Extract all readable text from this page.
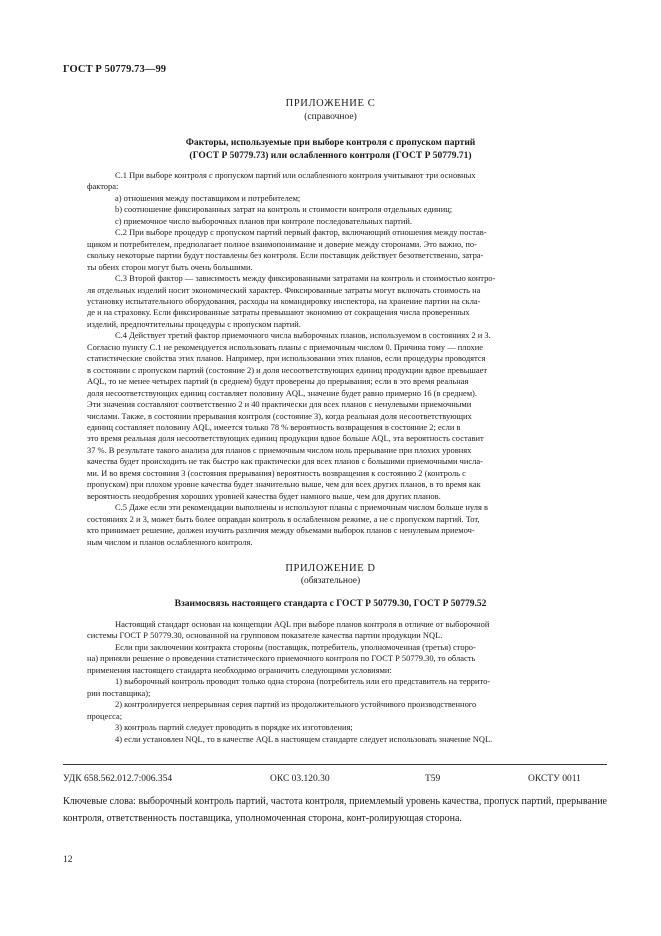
ГОСТ Р 50779.73—99
ПРИЛОЖЕНИЕ С
(справочное)
Факторы, используемые при выборе контроля с пропуском партий
(ГОСТ Р 50779.73) или ослабленного контроля (ГОСТ Р 50779.71)

C.1 При выборе контроля с пропуском партий или ослабленного контроля учитывают три основных
фактора:

a) отношения между поставщиком и потребителем;

b) соотношение фиксированных затрат на контроль и стоимости контроля отдельных единиц;

c) приемочное число выборочных планов при контроле последовательных партий.

C.2 При выборе процедур с пропуском партий первый фактор, включающий отношения между постав-
щиком и потребителем, предполагает полное взаимопонимание и доверие между сторонами. Это важно, по-
скольку некоторые партии будут поставлены без контроля. Если поставщик действует безответственно, затра-
ты обеих сторон могут быть очень большими.

C.3 Второй фактор — зависимость между фиксированными затратами на контроль и стоимостью контро-
ля отдельных изделий носит экономический характер. Фиксированные затраты могут включать стоимость на
установку испытательного оборудования, расходы на командировку инспектора, на хранение партии на скла-
де и на страховку. Если фиксированные затраты превышают экономию от сокращения числа проверенных
изделий, предпочтительны процедуры с пропуском партий.

C.4 Действует третий фактор приемочного числа выборочных планов, используемом в состояниях 2 и 3.
Согласно пункту C.1 не рекомендуется использовать планы с приемочным числом 0. Причина тому — плохие
статистические свойства этих планов. Например, при использовании этих планов, если процедуры проводятся
в состоянии с пропуском партий (состояние 2) и доля несоответствующих единиц продукции вдвое превышает
AQL, то не менее четырех партий (в среднем) будут проверены до прерывания; если в это время реальная
доля несоответствующих единиц составляет половину AQL, значение будет равно примерно 16 (в среднем).
Эти значения составляют соответственно 2 и 40 практически для всех планов с ненулевыми приемочными
числами. Также, в состоянии прерывания контроля (состояние 3), когда реальная доля несоответствующих
единиц составляет половину AQL, имеется только 78 % вероятность возвращения в состояние 2; если в
это время реальная доля несоответствующих единиц продукции вдвое больше AQL, эта вероятность составит
37 %. В результате такого анализа для планов с приемочным числом ноль прерывание при плохих уровнях
качества будет происходить не так быстро как практически для всех планов с большими приемочными числа-
ми. И во время состояния 3 (состояния прерывания) вероятность возвращения к состоянию 2 (контроль с
пропуском) при плохом уровне качества будет значительно выше, чем для всех других планов, в то время как
вероятность неодобрения хороших уровней качества будет намного выше, чем для других планов.

C.5 Даже если эти рекомендации выполнены и используют планы с приемочным числом больше нуля в
состояниях 2 и 3, может быть более оправдан контроль в ослабленном режиме, а не с пропуском партий. Тот,
кто принимает решение, должен изучить различия между объемами выборок планов с ненулевым приемоч-
ным числом и планов ослабленного контроля.

ПРИЛОЖЕНИЕ D
(обязательное)
Взаимосвязь настоящего стандарта с ГОСТ Р 50779.30, ГОСТ Р 50779.52

Настоящий стандарт основан на концепции AQL при выборе планов контроля в отличие от выборочной
системы ГОСТ Р 50779.30, основанной на групповом показателе качества партии продукции NQL.

Если при заключении контракта стороны (поставщик, потребитель, уполномоченная (третья) сторо-
на) приняли решение о проведении статистического приемочного контроля по ГОСТ Р 50779.30, то область
применения настоящего стандарта необходимо ограничить следующими условиями:

1) выборочный контроль проводит только одна сторона (потребитель или его представитель на террито-
рии поставщика);

2) контролируется непрерывная серия партий из продолжительного устойчивого производственного
процесса;

3) контроль партий следует проводить в порядке их изготовления;

4) если установлен NQL, то в качестве AQL в настоящем стандарте следует использовать значение NQL.

УДК 658.562.012.7:006.354	ОКС 03.120.30	Т59	ОКСТУ 0011
Ключевые слова: выборочный контроль партий, частота контроля, приемлемый уровень качества, пропуск партий, прерывание контроля, ответственность поставщика, уполномоченная сторона, конт-ролирующая сторона.
12
